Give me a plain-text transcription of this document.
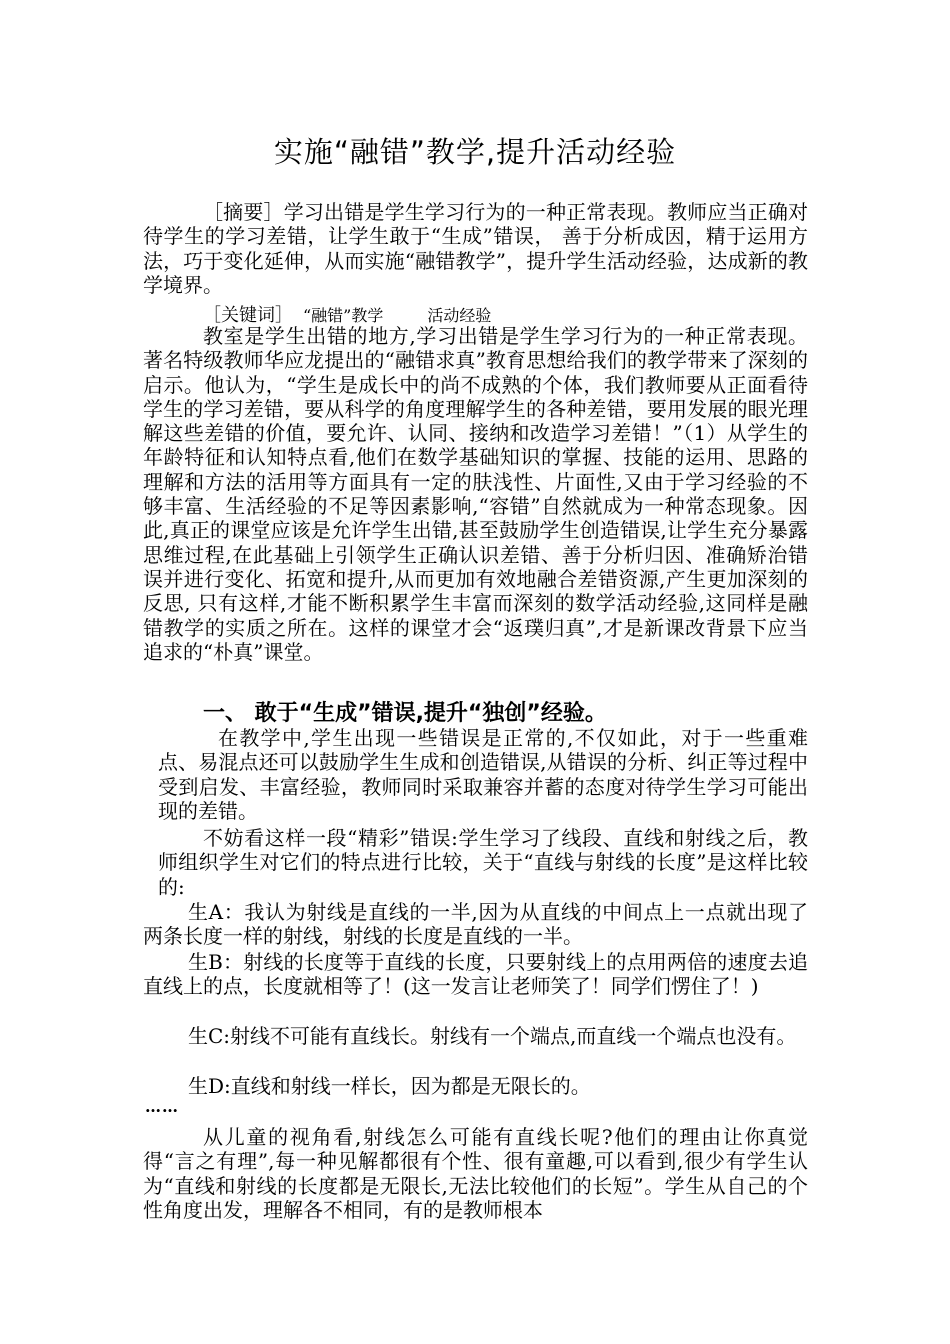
实施“融错”教学,提升活动经验

［摘要］学习出错是学生学习行为的一种正常表现。教师应当正确对待学生的学习差错，让学生敢于“生成”错误， 善于分析成因，精于运用方法，巧于变化延伸，从而实施“融错教学”，提升学生活动经验，达成新的教学境界。

［关键词］ “融错”教学	活动经验

教室是学生出错的地方,学习出错是学生学习行为的一种正常表现。著名特级教师华应龙提出的“融错求真”教育思想给我们的教学带来了深刻的启示。他认为，“学生是成长中的尚不成熟的个体，我们教师要从正面看待学生的学习差错，要从科学的角度理解学生的各种差错，要用发展的眼光理解这些差错的价值，要允许、认同、接纳和改造学习差错！”（1）从学生的年龄特征和认知特点看,他们在数学基础知识的掌握、技能的运用、思路的理解和方法的活用等方面具有一定的肤浅性、片面性,又由于学习经验的不够丰富、生活经验的不足等因素影响,“容错”自然就成为一种常态现象。因此,真正的课堂应该是允许学生出错,甚至鼓励学生创造错误,让学生充分暴露思维过程,在此基础上引领学生正确认识差错、善于分析归因、准确矫治错误并进行变化、拓宽和提升,从而更加有效地融合差错资源,产生更加深刻的反思, 只有这样,才能不断积累学生丰富而深刻的数学活动经验,这同样是融错教学的实质之所在。这样的课堂才会“返璞归真”,才是新课改背景下应当追求的“朴真”课堂。

一、 敢于“生成”错误,提升“独创”经验。

在教学中,学生出现一些错误是正常的,不仅如此，对于一些重难点、易混点还可以鼓励学生生成和创造错误,从错误的分析、纠正等过程中受到启发、丰富经验，教师同时采取兼容并蓄的态度对待学生学习可能出现的差错。

不妨看这样一段“精彩”错误:学生学习了线段、直线和射线之后，教师组织学生对它们的特点进行比较，关于“直线与射线的长度”是这样比较的:

生A：我认为射线是直线的一半,因为从直线的中间点上一点就出现了两条长度一样的射线，射线的长度是直线的一半。

生B：射线的长度等于直线的长度，只要射线上的点用两倍的速度去追直线上的点，长度就相等了！(这一发言让老师笑了！同学们愣住了！)

生C:射线不可能有直线长。射线有一个端点,而直线一个端点也没有。

生D:直线和射线一样长，因为都是无限长的。

……

从儿童的视角看,射线怎么可能有直线长呢?他们的理由让你真觉得“言之有理”,每一种见解都很有个性、很有童趣,可以看到,很少有学生认为“直线和射线的长度都是无限长,无法比较他们的长短”。学生从自己的个性角度出发，理解各不相同，有的是教师根本
